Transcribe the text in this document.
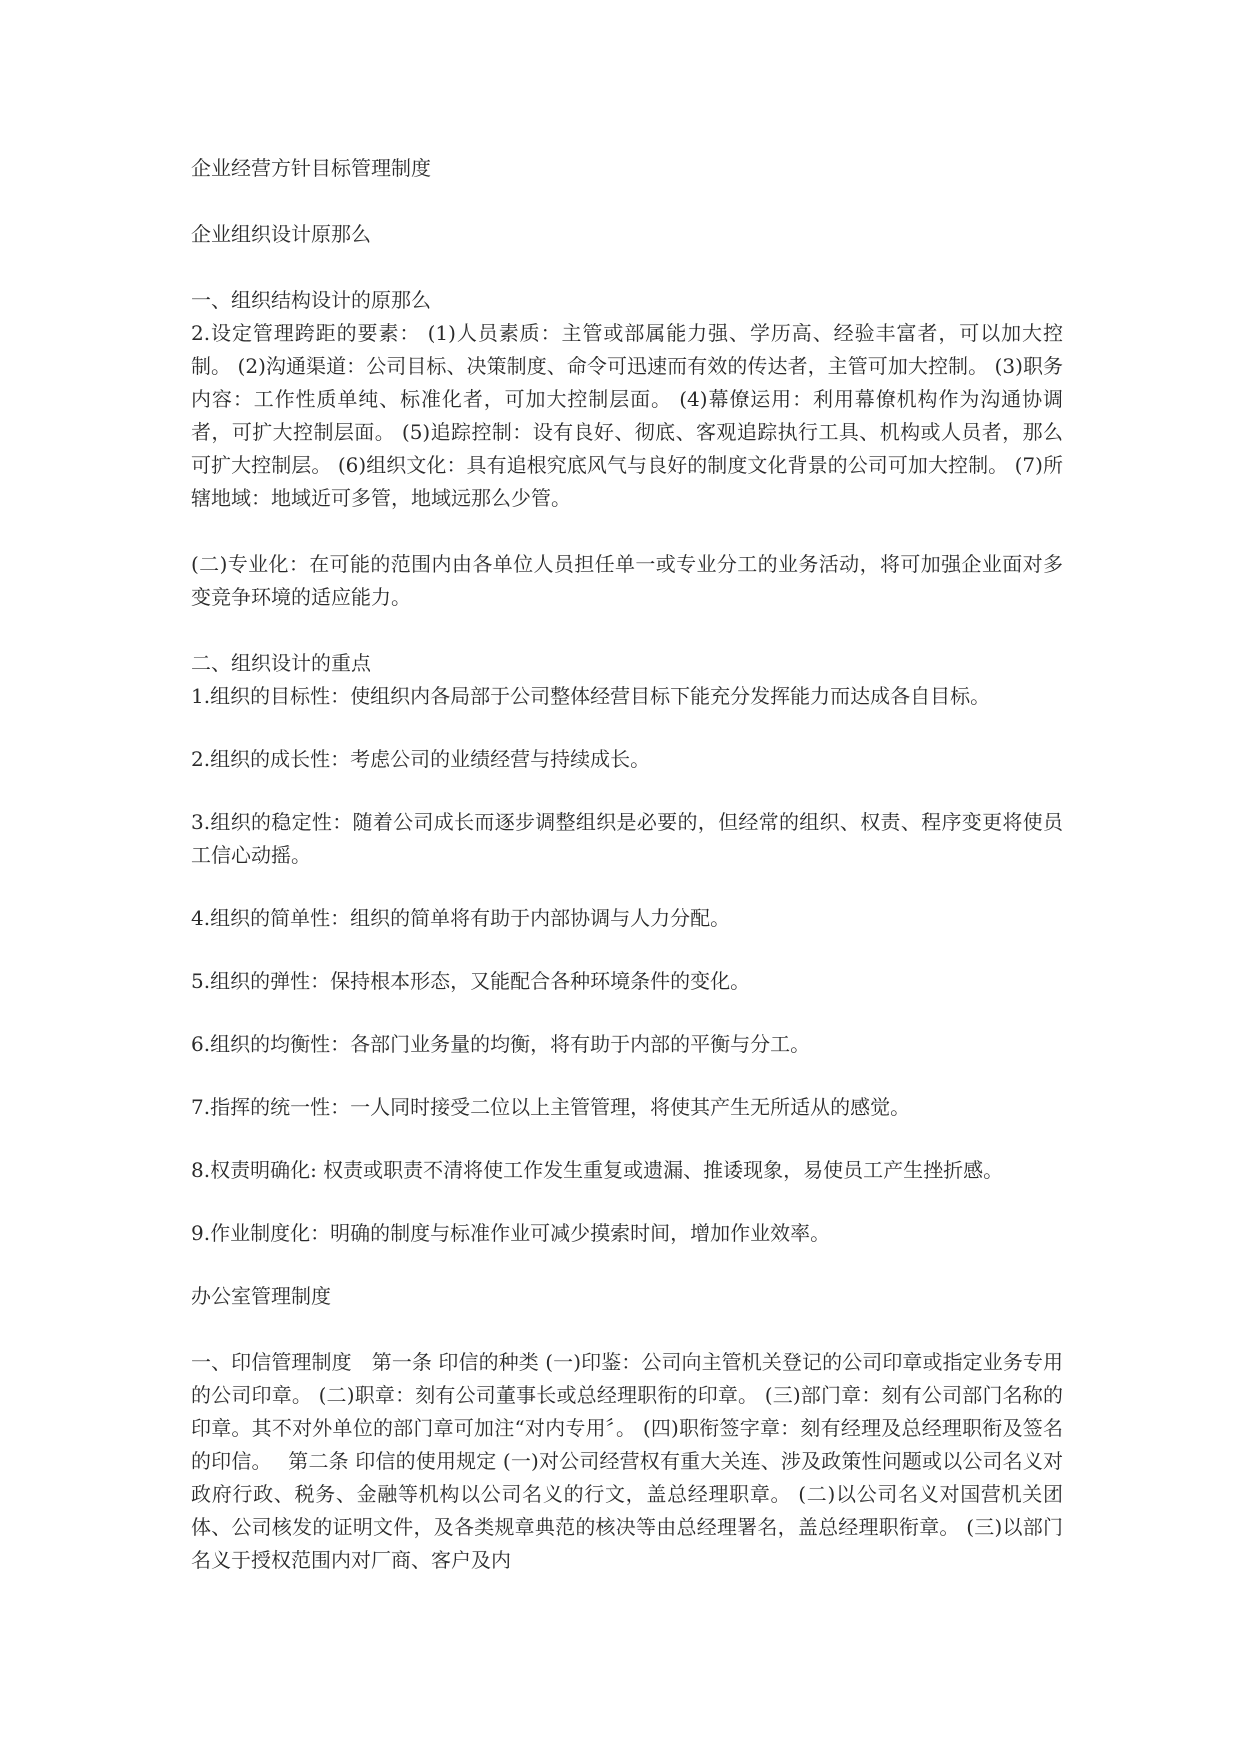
企业经营方针目标管理制度

企业组织设计原那么

一、组织结构设计的原那么

2.设定管理跨距的要素： (1)人员素质：主管或部属能力强、学历高、经验丰富者，可以加大控制。 (2)沟通渠道：公司目标、决策制度、命令可迅速而有效的传达者，主管可加大控制。 (3)职务内容：工作性质单纯、标准化者，可加大控制层面。 (4)幕僚运用：利用幕僚机构作为沟通协调者，可扩大控制层面。 (5)追踪控制：设有良好、彻底、客观追踪执行工具、机构或人员者，那么可扩大控制层。 (6)组织文化：具有追根究底风气与良好的制度文化背景的公司可加大控制。 (7)所辖地域：地域近可多管，地域远那么少管。

(二)专业化：在可能的范围内由各单位人员担任单一或专业分工的业务活动，将可加强企业面对多变竞争环境的适应能力。

二、组织设计的重点

1.组织的目标性：使组织内各局部于公司整体经营目标下能充分发挥能力而达成各自目标。

2.组织的成长性：考虑公司的业绩经营与持续成长。

3.组织的稳定性：随着公司成长而逐步调整组织是必要的，但经常的组织、权责、程序变更将使员工信心动摇。

4.组织的简单性：组织的简单将有助于内部协调与人力分配。

5.组织的弹性：保持根本形态，又能配合各种环境条件的变化。

6.组织的均衡性：各部门业务量的均衡，将有助于内部的平衡与分工。

7.指挥的统一性：一人同时接受二位以上主管管理，将使其产生无所适从的感觉。

8.权责明确化: 权责或职责不清将使工作发生重复或遗漏、推诿现象，易使员工产生挫折感。

9.作业制度化：明确的制度与标准作业可减少摸索时间，增加作业效率。

办公室管理制度

一、印信管理制度　第一条 印信的种类 (一)印鉴：公司向主管机关登记的公司印章或指定业务专用的公司印章。 (二)职章：刻有公司董事长或总经理职衔的印章。 (三)部门章：刻有公司部门名称的印章。其不对外单位的部门章可加注“对内专用〞。 (四)职衔签字章：刻有经理及总经理职衔及签名的印信。　 第二条 印信的使用规定 (一)对公司经营权有重大关连、涉及政策性问题或以公司名义对政府行政、税务、金融等机构以公司名义的行文，盖总经理职章。 (二)以公司名义对国营机关团体、公司核发的证明文件，及各类规章典范的核决等由总经理署名，盖总经理职衔章。 (三)以部门名义于授权范围内对厂商、客户及内
